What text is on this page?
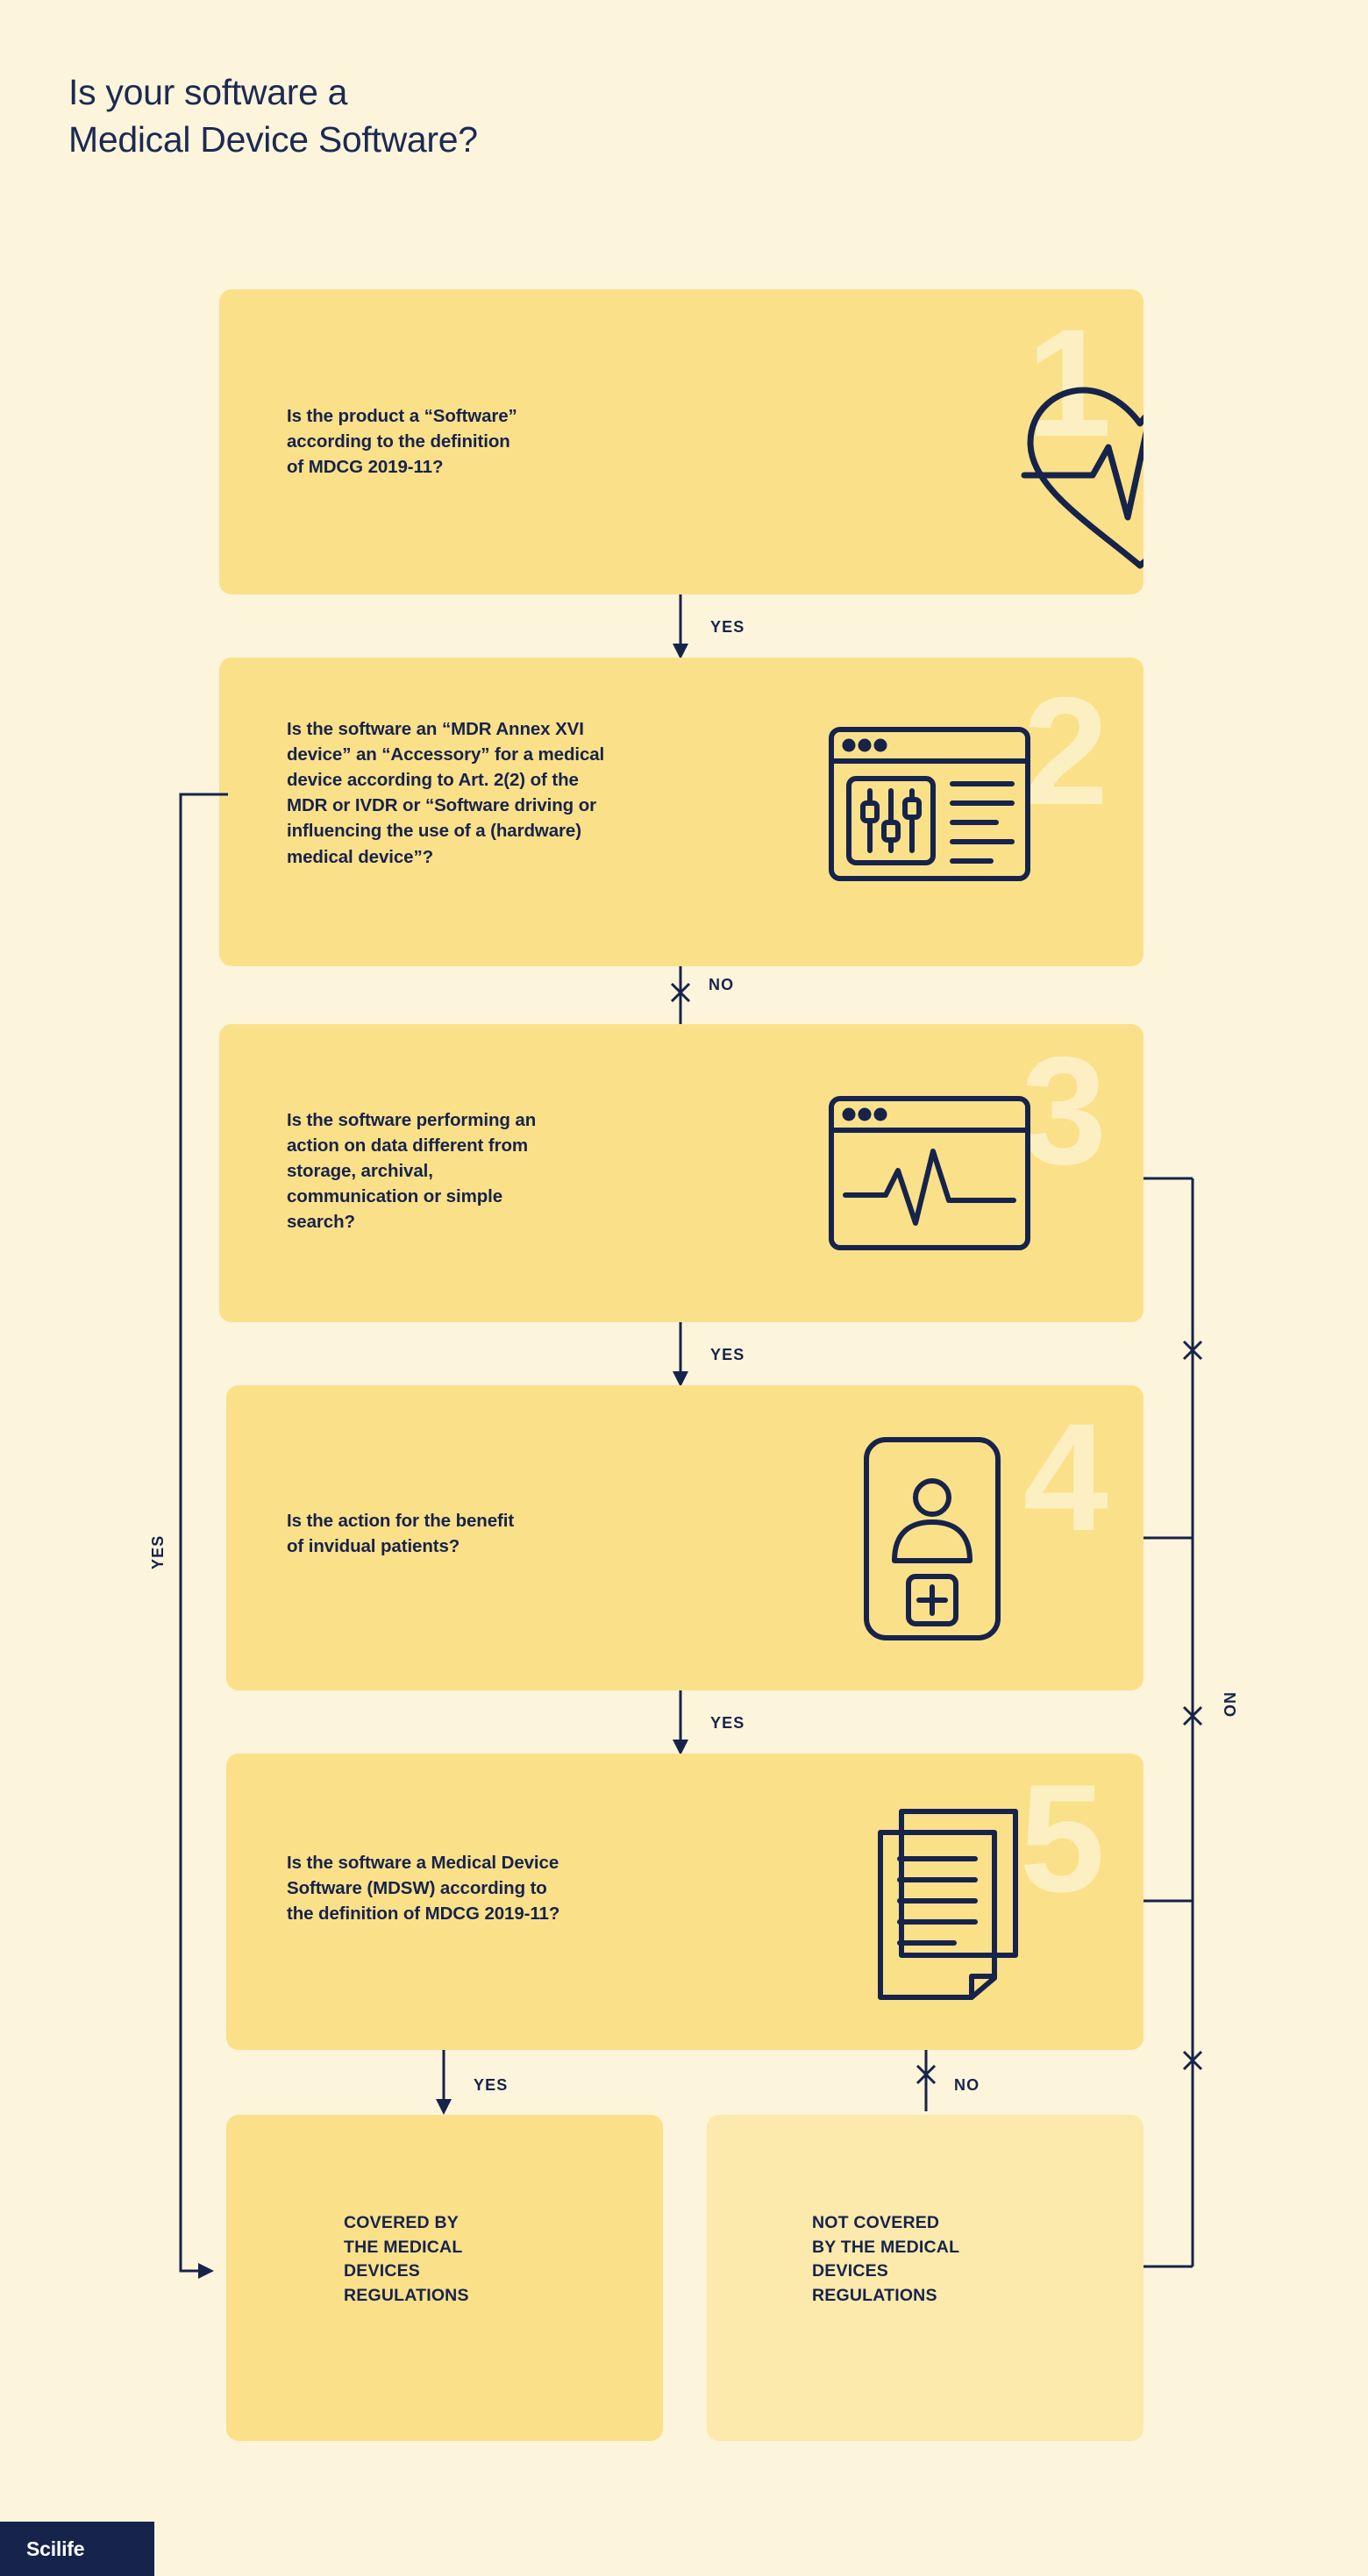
Is your software a
Medical Device Software?
1
Is the product a “Software”
according to the definition
of MDCG 2019-11?
YES
2
Is the software an “MDR Annex XVI
device” an “Accessory” for a medical
device according to Art. 2(2) of the
MDR or IVDR or “Software driving or
influencing the use of a (hardware)
medical device”?
NO
3
Is the software performing an
action on data different from
storage, archival,
communication or simple
search?
YES
4
Is the action for the benefit
of invidual patients?
YES
5
Is the software a Medical Device
Software (MDSW) according to
the definition of MDCG 2019-11?
YES	NO
YES
NO
COVERED BY
THE MEDICAL
DEVICES
REGULATIONS
NOT COVERED
BY THE MEDICAL
DEVICES
REGULATIONS
Scilife
